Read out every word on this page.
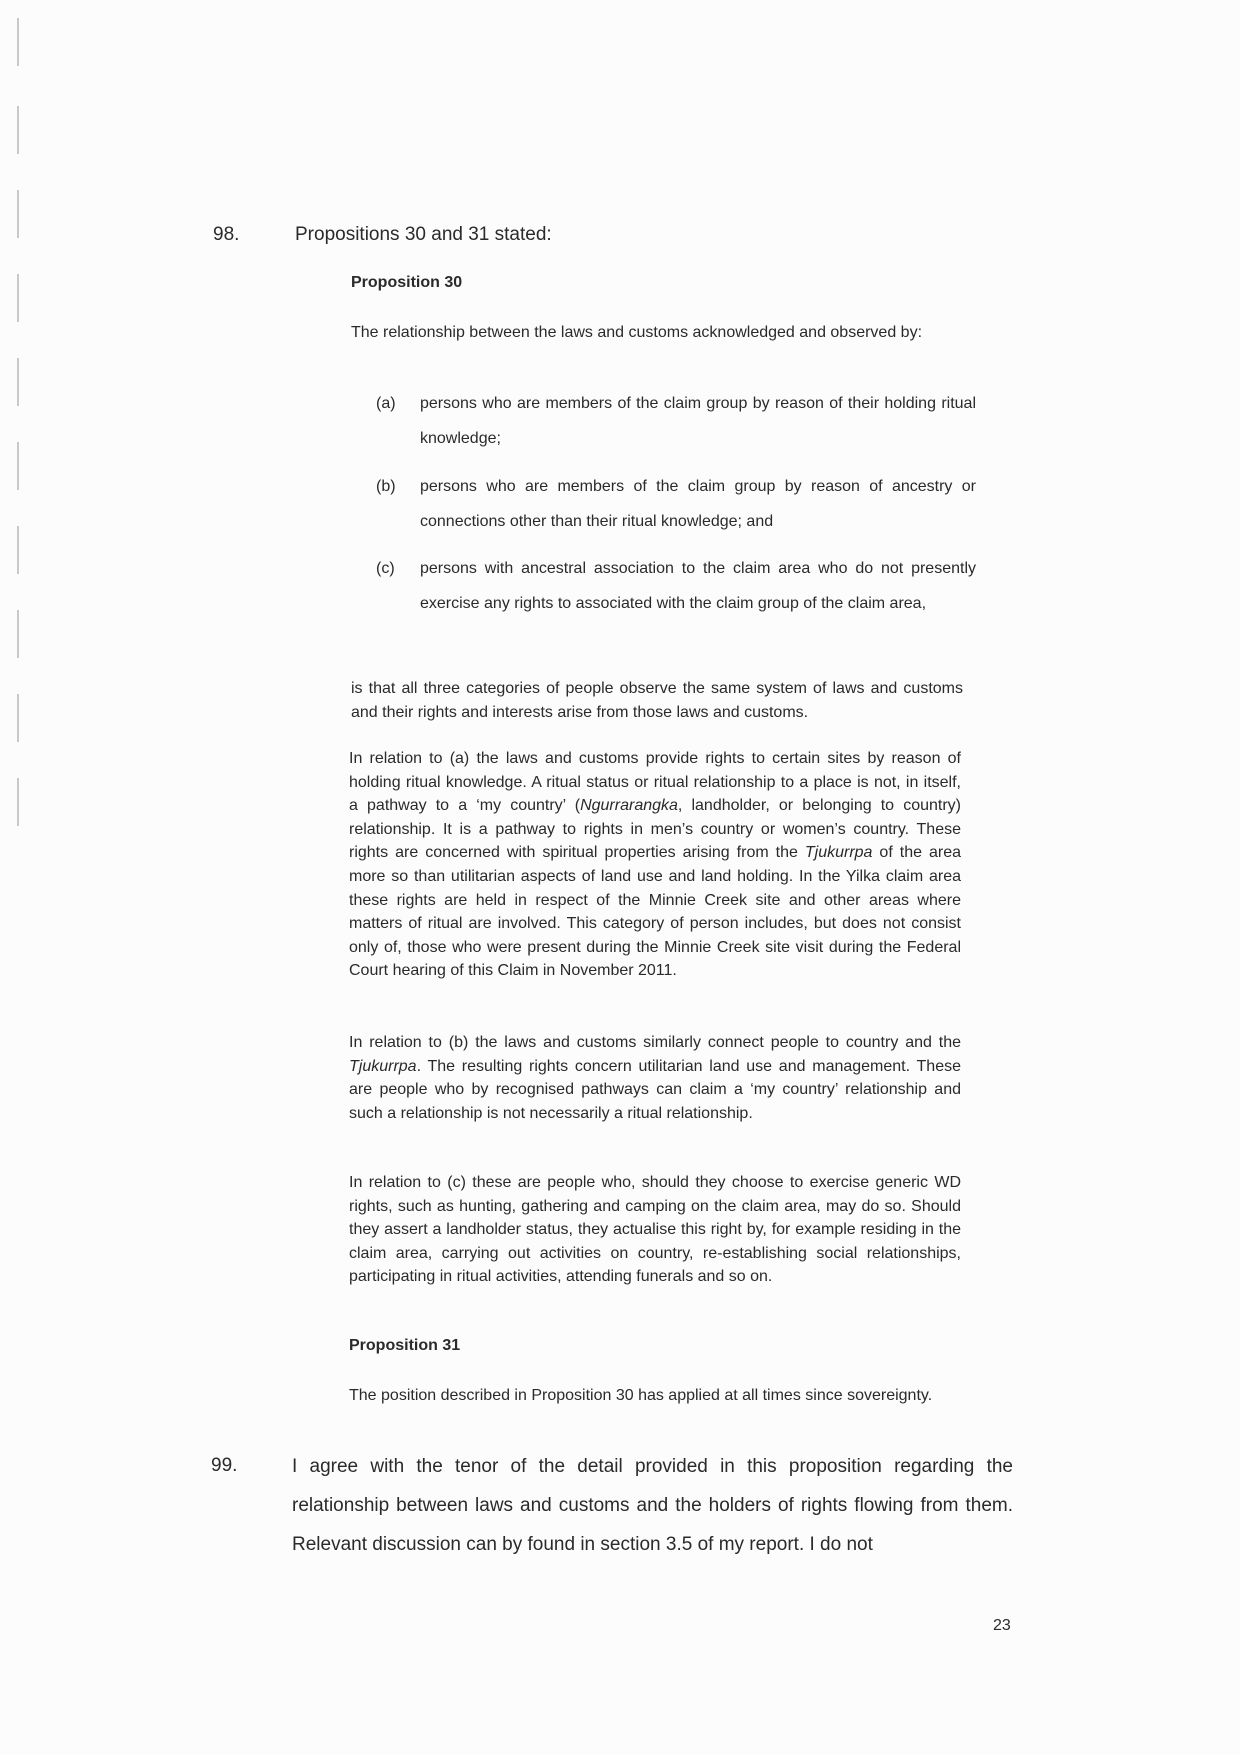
98.	Propositions 30 and 31 stated:
Proposition 30
The relationship between the laws and customs acknowledged and observed by:
(a) persons who are members of the claim group by reason of their holding ritual knowledge;
(b) persons who are members of the claim group by reason of ancestry or connections other than their ritual knowledge; and
(c) persons with ancestral association to the claim area who do not presently exercise any rights to associated with the claim group of the claim area,
is that all three categories of people observe the same system of laws and customs and their rights and interests arise from those laws and customs.
In relation to (a) the laws and customs provide rights to certain sites by reason of holding ritual knowledge. A ritual status or ritual relationship to a place is not, in itself, a pathway to a ‘my country’ (Ngurrarangka, landholder, or belonging to country) relationship. It is a pathway to rights in men’s country or women’s country. These rights are concerned with spiritual properties arising from the Tjukurrpa of the area more so than utilitarian aspects of land use and land holding. In the Yilka claim area these rights are held in respect of the Minnie Creek site and other areas where matters of ritual are involved. This category of person includes, but does not consist only of, those who were present during the Minnie Creek site visit during the Federal Court hearing of this Claim in November 2011.
In relation to (b) the laws and customs similarly connect people to country and the Tjukurrpa. The resulting rights concern utilitarian land use and management. These are people who by recognised pathways can claim a ‘my country’ relationship and such a relationship is not necessarily a ritual relationship.
In relation to (c) these are people who, should they choose to exercise generic WD rights, such as hunting, gathering and camping on the claim area, may do so. Should they assert a landholder status, they actualise this right by, for example residing in the claim area, carrying out activities on country, re-establishing social relationships, participating in ritual activities, attending funerals and so on.
Proposition 31
The position described in Proposition 30 has applied at all times since sovereignty.
99.	I agree with the tenor of the detail provided in this proposition regarding the relationship between laws and customs and the holders of rights flowing from them. Relevant discussion can by found in section 3.5 of my report. I do not
23
